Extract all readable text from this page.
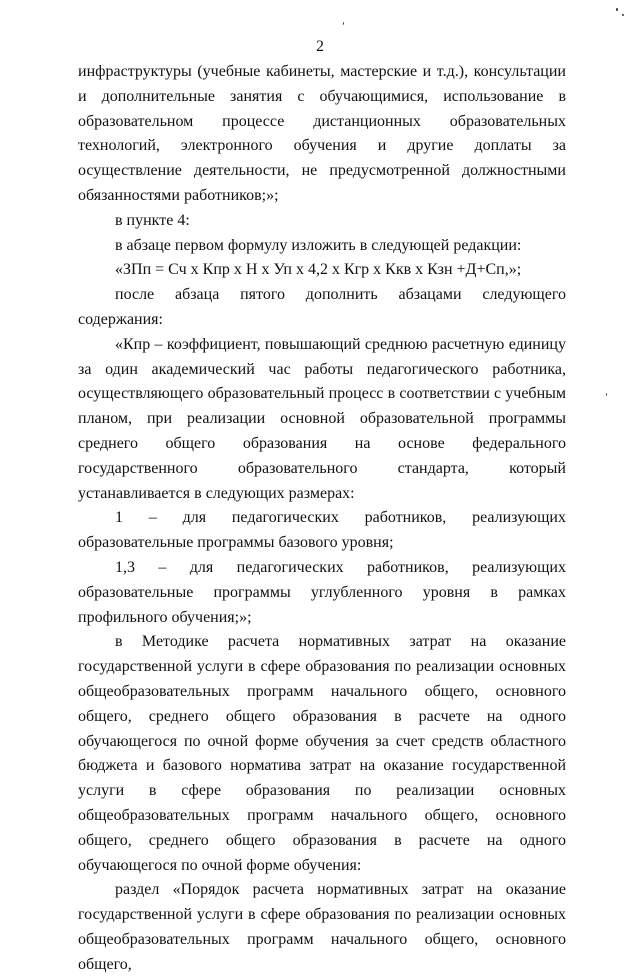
2

инфраструктуры (учебные кабинеты, мастерские и т.д.), консультации и дополнительные занятия с обучающимися, использование в образовательном процессе дистанционных образовательных технологий, электронного обучения и другие доплаты за осуществление деятельности, не предусмотренной должностными обязанностями работников;»;

в пункте 4:

в абзаце первом формулу изложить в следующей редакции:

«ЗПп = Сч х Кпр х Н х Уп х 4,2 х Кгр х Ккв х Кзн +Д+Сп,»;

после абзаца пятого дополнить абзацами следующего содержания:

«Кпр – коэффициент, повышающий среднюю расчетную единицу за один академический час работы педагогического работника, осуществляющего образовательный процесс в соответствии с учебным планом, при реализации основной образовательной программы среднего общего образования на основе федерального государственного образовательного стандарта, который устанавливается в следующих размерах:

1 – для педагогических работников, реализующих образовательные программы базового уровня;

1,3 – для педагогических работников, реализующих образовательные программы углубленного уровня в рамках профильного обучения;»;

в Методике расчета нормативных затрат на оказание государственной услуги в сфере образования по реализации основных общеобразовательных программ начального общего, основного общего, среднего общего образования в расчете на одного обучающегося по очной форме обучения за счет средств областного бюджета и базового норматива затрат на оказание государственной услуги в сфере образования по реализации основных общеобразовательных программ начального общего, основного общего, среднего общего образования в расчете на одного обучающегося по очной форме обучения:

раздел «Порядок расчета нормативных затрат на оказание государственной услуги в сфере образования по реализации основных общеобразовательных программ начального общего, основного общего,
